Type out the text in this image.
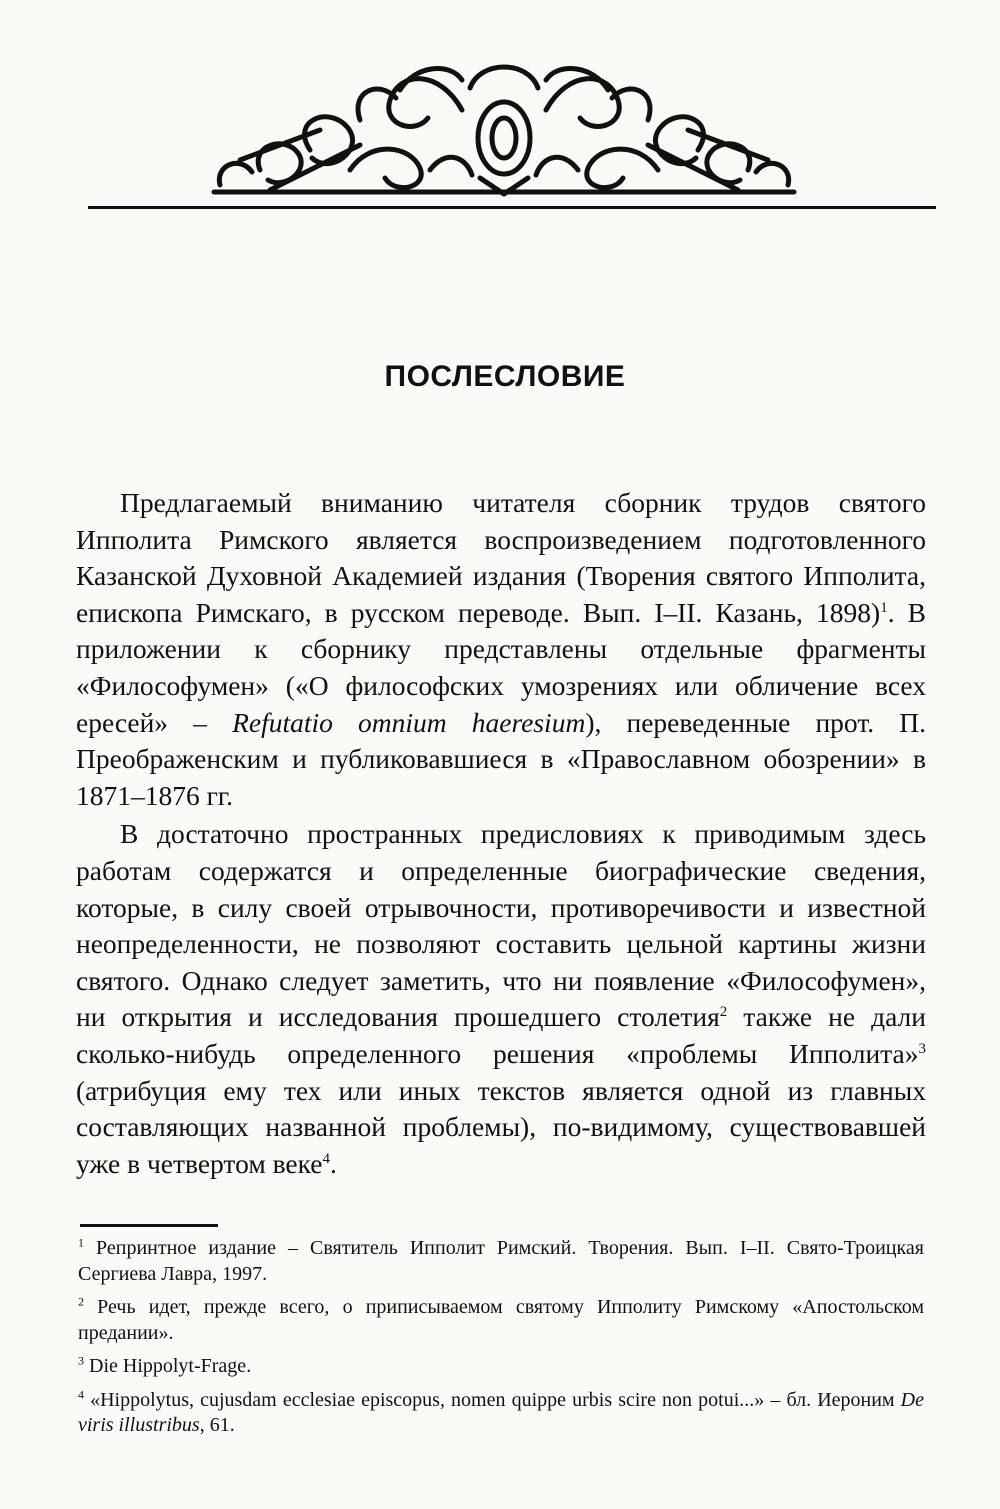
ПОСЛЕСЛОВИЕ

Предлагаемый вниманию читателя сборник трудов святого Ипполита Римского является воспроизведением подготовленного Казанской Духовной Академией издания (Творения святого Ипполита, епископа Римскаго, в русском переводе. Вып. I–II. Казань, 1898)$^1$. В приложении к сборнику представлены отдельные фрагменты «Философумен» («О философских умозрениях или обличение всех ересей» – Refutatio omnium haeresium), переведенные прот. П. Преображенским и публиковавшиеся в «Православном обозрении» в 1871–1876 гг.

В достаточно пространных предисловиях к приводимым здесь работам содержатся и определенные биографические сведения, которые, в силу своей отрывочности, противоречивости и известной неопределенности, не позволяют составить цельной картины жизни святого. Однако следует заметить, что ни появление «Философумен», ни открытия и исследования прошедшего столетия$^2$ также не дали сколько-нибудь определенного решения «проблемы Ипполита»$^3$ (атрибуция ему тех или иных текстов является одной из главных составляющих названной проблемы), по-видимому, существовавшей уже в четвертом веке$^4$.

$^1$ Репринтное издание – Святитель Ипполит Римский. Творения. Вып. I–II. Свято-Троицкая Сергиева Лавра, 1997.

$^2$ Речь идет, прежде всего, о приписываемом святому Ипполиту Римскому «Апостольском предании».

$^3$ Die Hippolyt-Frage.

$^4$ «Hippolytus, cujusdam ecclesiae episcopus, nomen quippe urbis scire non potui...» – бл. Иероним De viris illustribus, 61.
